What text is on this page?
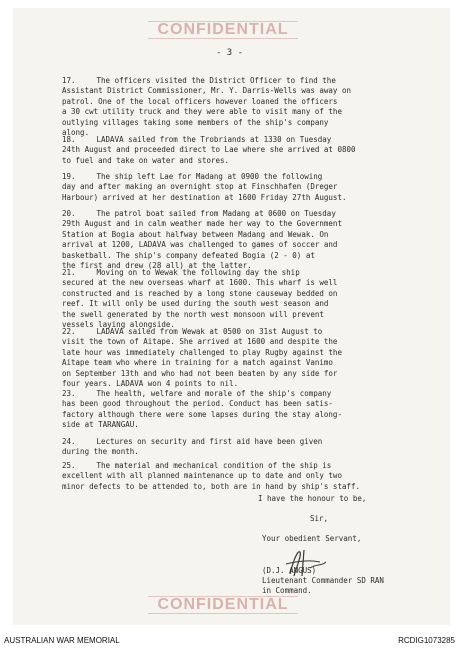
CONFIDENTIAL
- 3 -
17.	The officers visited the District Officer to find the
Assistant District Commissioner, Mr. Y. Darris-Wells was away on
patrol. One of the local officers however loaned the officers
a 30 cwt utility truck and they were able to visit many of the
outlying villages taking some members of the ship's company
along.
18.	LADAVA sailed from the Trobriands at 1330 on Tuesday
24th August and proceeded direct to Lae where she arrived at 0800
to fuel and take on water and stores.
19.	The ship left Lae for Madang at 0900 the following
day and after making an overnight stop at Finschhafen (Dreger
Harbour) arrived at her destination at 1600 Friday 27th August.
20.	The patrol boat sailed from Madang at 0600 on Tuesday
29th August and in calm weather made her way to the Government
Station at Bogia about halfway between Madang and Wewak. On
arrival at 1200, LADAVA was challenged to games of soccer and
basketball. The ship's company defeated Bogia (2 - 0) at
the first and drew (28 all) at the latter.
21.	Moving on to Wewak the following day the ship
secured at the new overseas wharf at 1600. This wharf is well
constructed and is reached by a long stone causeway bedded on
reef. It will only be used during the south west season and
the swell generated by the north west monsoon will prevent
vessels laying alongside.
22.	LADAVA sailed from Wewak at 0500 on 31st August to
visit the town of Aitape. She arrived at 1600 and despite the
late hour was immediately challenged to play Rugby against the
Aitape team who where in training for a match against Vanimo
on September 13th and who had not been beaten by any side for
four years. LADAVA won 4 points to nil.
23.	The health, welfare and morale of the ship's company
has been good throughout the period. Conduct has been satis-
factory although there were some lapses during the stay along-
side at TARANGAU.
24.	Lectures on security and first aid have been given
during the month.
25.	The material and mechanical condition of the ship is
excellent with all planned maintenance up to date and only two
minor defects to be attended to, both are in hand by ship's staff.
I have the honour to be,
Sir,
Your obedient Servant,
(D.J. ANGUS)
Lieutenant Commander SD RAN
in Command.
CONFIDENTIAL
AUSTRALIAN WAR MEMORIAL	RCDIG1073285
